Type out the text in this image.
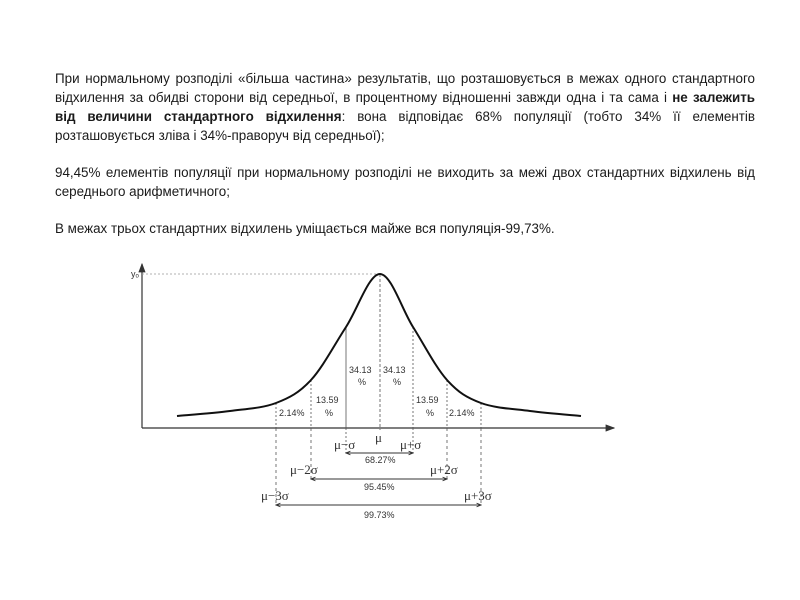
При нормальному розподілі «більша частина» результатів, що розташовується в межах одного стандартного відхилення за обидві сторони від середньої, в процентному відношенні завжди одна і та сама і не залежить від величини стандартного відхилення: вона відповідає 68% популяції (тобто 34% її елементів розташовується зліва і 34%-праворуч від середньої);

94,45% елементів популяції при нормальному розподілі не виходить за межі двох стандартних відхилень від середнього арифметичного;

В межах трьох стандартних відхилень уміщається майже вся популяція-99,73%.

yₒ
2.14%
13.59
%
34.13
%
34.13
%
13.59
% 2.14%
μ
μ−σ	μ+σ
μ−2σ	μ+2σ
μ−3σ	μ+3σ
68.27%
95.45%
99.73%
